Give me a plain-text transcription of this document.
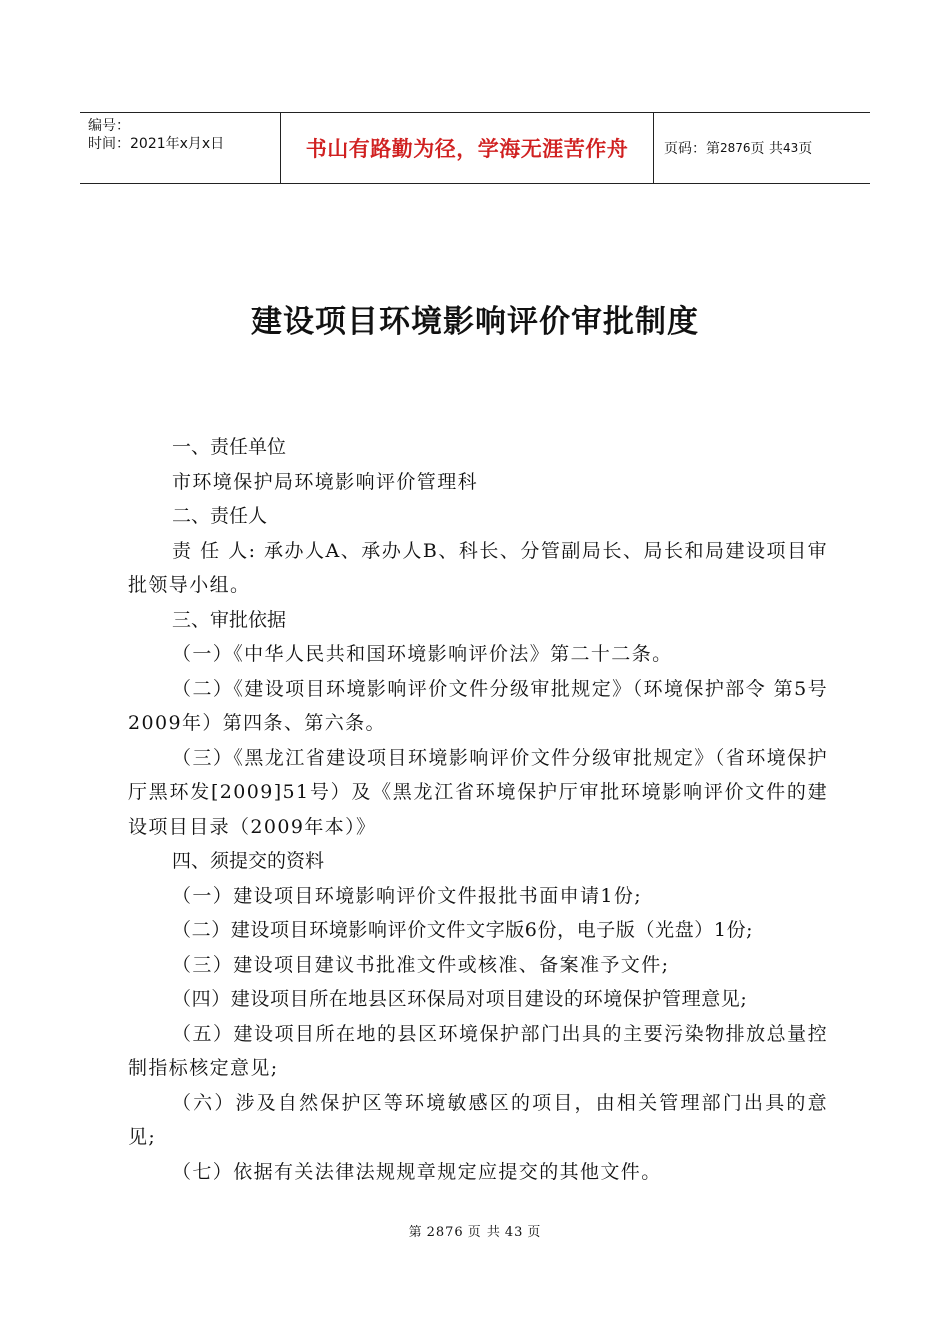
编号：
时间：2021年x月x日	书山有路勤为径，学海无涯苦作舟	页码：第 2876 页 共 43 页
建设项目环境影响评价审批制度
一、责任单位

市环境保护局环境影响评价管理科

二、责任人

责 任 人: 承办人A、承办人B、科长、分管副局长、局长和局建设项目审批领导小组。

三、审批依据

（一）《中华人民共和国环境影响评价法》第二十二条。

（二）《建设项目环境影响评价文件分级审批规定》（环境保护部令 第5号2009年）第四条、第六条。

（三）《黑龙江省建设项目环境影响评价文件分级审批规定》（省环境保护厅黑环发[2009]51号）及《黑龙江省环境保护厅审批环境影响评价文件的建设项目目录（2009年本）》

四、须提交的资料

（一）建设项目环境影响评价文件报批书面申请1份;

（二）建设项目环境影响评价文件文字版6份，电子版（光盘）1份;

（三）建设项目建议书批准文件或核准、备案准予文件;

（四）建设项目所在地县区环保局对项目建设的环境保护管理意见;

（五）建设项目所在地的县区环境保护部门出具的主要污染物排放总量控制指标核定意见;

（六）涉及自然保护区等环境敏感区的项目，由相关管理部门出具的意见;

（七）依据有关法律法规规章规定应提交的其他文件。

第 2876 页 共 43 页
